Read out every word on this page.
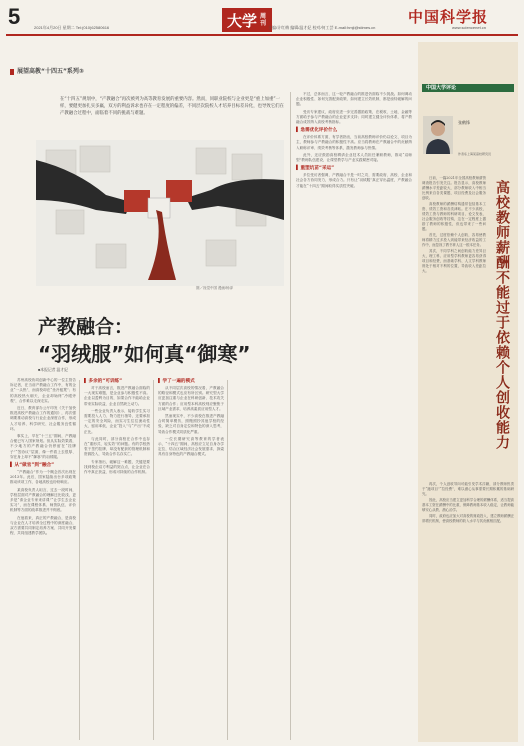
5	2021年4月20日 星期二 Tel:(010)62580616	大学 周刊
主编/计红梅 编辑/温才妃 校对/何工芸 E-mail:hmji@stimes.cn
中国科学报
www.sciencenet.cn
展望高教“十四五”系列③

在“十四五”规划中，“产教融合”再次被列为高等教育发展的重要内容。然而，同职业院校与企业更是“重上加重”一样，要健更加扎实多赢，双方的利益诉求也存在一定程度的偏差，不同层次院校人才培养目标差异化，也导致它们在产教融合过程中，面临着不同的挑战与难题。

图／视觉中国 漫画/杨泽
产教融合：
“羽绒服”如何真“御寒”
■本报记者 温才妃

苏州高校协同创新中心的一位主管告诉记者，在当前产教融合工作中，有的企业“一头热”，而高校却在“坐冷板凳”；有的高校热火朝天，企业却始终“冷眼旁观”，合作难以走深走实。

近日，教育部办公厅印发《关于加快推进高校产教融合工作的通知》，再次强调要推动高校与行业企业深度合作，形成人才培养、科学研究、社会服务良性循环。

事实上，早在“十三五”期间，产教融合便已写入国家规划。但从实际效果看，不少地方的产教融合仍停留在“挂牌子”“签协议”层面，像一件看上去很厚、穿在身上却不“御寒”的羽绒服。

▌ 从“做官”到“融合”

“产教融合”作为一个概念首次出现在2013年。此后，国家陆续出台多项政策推动该项工作，各地高校也纷纷响应。

某高校负责人坦言，过去一段时间，学校层面对产教融合的理解还比较浅，更多是“请企业专家来讲课”“让学生去企业实习”，而在课程体系、师资队伍、评价机制等方面的改革推进并不彻底。

在他看来，真正的产教融合，是高校与企业在人才培养全过程中的深度融合，双方需要共同制定培养方案、共同开发课程、共同组建教学团队。

▌ 多余的“可训练”

对于高校而言，推进产教融合面临的一大现实难题，是企业参与积极性不高。企业以盈利为目的，如果合作不能给企业带来实际收益，企业自然缺乏动力。

一些企业负责人表示，接收学生实习需要投入人力、物力进行指导，还要承担一定的安全风险，而实习生往往流动性大、留用率低，企业“投入”与“产出”不成正比。

与此同时，部分高校在合作中也存在“重形式、轻实效”的问题。有的学校热衷于签约挂牌，却没有配套的管理机制和资源投入，导致合作名存实亡。

专家指出，破解这一难题，关键是要找到校企双方利益的契合点，让企业在合作中真正获益，形成可持续的合作机制。

▌ 学了一遍的模式

从不同层次高校的情况看，产教融合的路径和模式也应有所区别。研究型大学应更加注重与企业在科研创新、技术攻关方面的合作；应用型本科高校则应聚焦于区域产业需求，培养高素质应用型人才。

然而现实中，不少高校在推进产教融合时简单模仿，照搬照抄其他学校的经验，缺乏对自身定位和特色的深入思考，导致合作模式同质化严重。

一位长期研究高等教育的学者表示，“十四五”期间，高校应立足自身办学定位，结合区域经济社会发展需求，探索具有自身特色的产教融合模式。

不过，总体而言，这一轮产教融合的推进仍面临不少挑战。如何调动企业积极性、如何完善配套政策、如何建立长效机制，都是亟待破解的问题。

受访专家建议，政府应进一步完善激励政策，在税收、土地、金融等方面给予参与产教融合的企业更多支持；同时建立健全评价体系，将产教融合成效纳入高校考核指标。

▌ 急需优化评价什么

在评价体系方面，有学者指出，当前高校教师评价仍以论文、项目为主，教师参与产教融合的积极性不高。应当将教师在产教融合中的贡献纳入职称评审、绩效考核等体系，激发教师参与热情。

此外，还应鼓励高校聘请企业技术人员担任兼职教师，推动“双师型”教师队伍建设，让课堂教学与产业实践紧密对接。

▌ 重塑坑苗“采运”

多位受访者强调，产教融合不是一时之功，需要政府、高校、企业和社会各方协同发力，形成合力。只有让“羽绒服”真正穿出温度，产教融合才能在“十四五”期间取得实质性突破。

中国大学评论
张鹤锋
作者系上海某高校研究员
高校教师薪酬不能过于依赖个人创收能力

日前，一篇2021年全国高校教师薪资调查报告引发关注。报告显示，高校教师薪酬水平差距较大，部分教师收入中相当比例来自各类课题、项目经费及社会服务创收。

高校教师的薪酬结构通常包括基本工资、绩效工资和各类津贴。在不少高校，绩效工资与教师的科研项目、论文发表、社会服务创收等挂钩，这在一定程度上激励了教师的积极性，但也带来了一些问题。

首先，过度依赖个人创收，容易使教师将精力过多投入到能带来经济收益的工作中，而忽视了教书育人这一根本任务。

其次，不同学科之间创收能力差异巨大，理工科、应用型学科教师更容易获得项目和经费，而基础学科、人文学科教师则处于相对不利的位置，导致收入差距拉大。

再次，个人创收导向可能引发学术浮躁，部分教师热衷于“跑项目”“拉经费”，难以潜心从事需要长期积累的基础研究。

因此，高校应当建立更加科学合理的薪酬体系，适当提高基本工资在薪酬中的比重，保障教师基本收入稳定，让教师能够安心从教、潜心治学。

同时，政府也应加大对高校的财政投入，建立教师薪酬正常增长机制，使高校教师的收入水平与其贡献相匹配。
